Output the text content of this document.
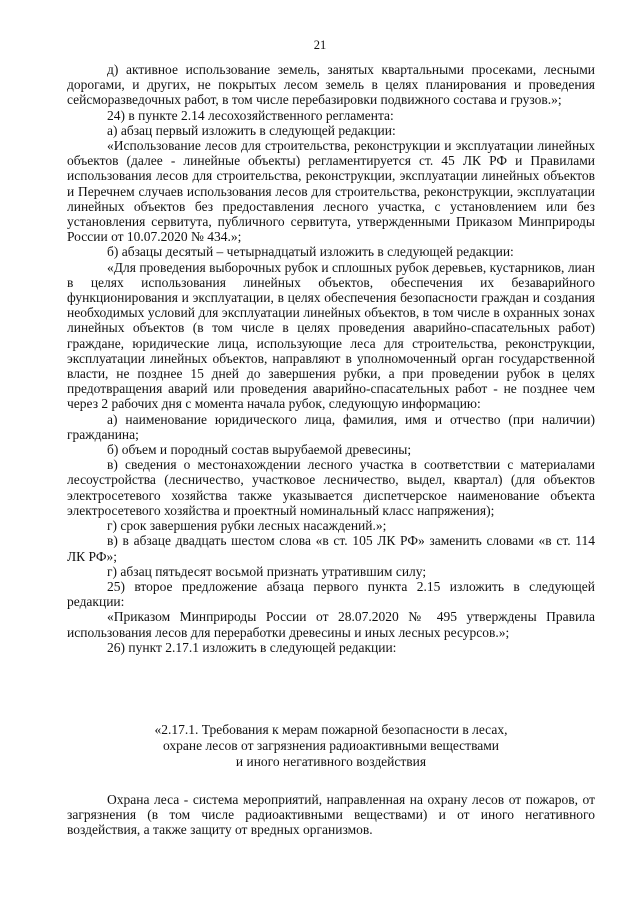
21

д) активное использование земель, занятых квартальными просеками, лесными дорогами, и других, не покрытых лесом земель в целях планирования и проведения сейсморазведочных работ, в том числе перебазировки подвижного состава и грузов.»;

24) в пункте 2.14 лесохозяйственного регламента:

а) абзац первый изложить в следующей редакции:

«Использование лесов для строительства, реконструкции и эксплуатации линейных объектов (далее - линейные объекты) регламентируется ст. 45 ЛК РФ и Правилами использования лесов для строительства, реконструкции, эксплуатации линейных объектов и Перечнем случаев использования лесов для строительства, реконструкции, эксплуатации линейных объектов без предоставления лесного участка, с установлением или без установления сервитута, публичного сервитута, утвержденными Приказом Минприроды России от 10.07.2020 № 434.»;

б) абзацы десятый – четырнадцатый изложить в следующей редакции:

«Для проведения выборочных рубок и сплошных рубок деревьев, кустарников, лиан в целях использования линейных объектов, обеспечения их безаварийного функционирования и эксплуатации, в целях обеспечения безопасности граждан и создания необходимых условий для эксплуатации линейных объектов, в том числе в охранных зонах линейных объектов (в том числе в целях проведения аварийно-спасательных работ) граждане, юридические лица, использующие леса для строительства, реконструкции, эксплуатации линейных объектов, направляют в уполномоченный орган государственной власти, не позднее 15 дней до завершения рубки, а при проведении рубок в целях предотвращения аварий или проведения аварийно-спасательных работ - не позднее чем через 2 рабочих дня с момента начала рубок, следующую информацию:

а) наименование юридического лица, фамилия, имя и отчество (при наличии) гражданина;

б) объем и породный состав вырубаемой древесины;

в) сведения о местонахождении лесного участка в соответствии с материалами лесоустройства (лесничество, участковое лесничество, выдел, квартал) (для объектов электросетевого хозяйства также указывается диспетчерское наименование объекта электросетевого хозяйства и проектный номинальный класс напряжения);

г) срок завершения рубки лесных насаждений.»;

в) в абзаце двадцать шестом слова «в ст. 105 ЛК РФ» заменить словами «в ст. 114 ЛК РФ»;

г) абзац пятьдесят восьмой признать утратившим силу;

25) второе предложение абзаца первого пункта 2.15 изложить в следующей редакции:

«Приказом Минприроды России от 28.07.2020 № 495 утверждены Правила использования лесов для переработки древесины и иных лесных ресурсов.»;

26) пункт 2.17.1 изложить в следующей редакции:

«2.17.1. Требования к мерам пожарной безопасности в лесах,
охране лесов от загрязнения радиоактивными веществами
и иного негативного воздействия

Охрана леса - система мероприятий, направленная на охрану лесов от пожаров, от загрязнения (в том числе радиоактивными веществами) и от иного негативного воздействия, а также защиту от вредных организмов.
